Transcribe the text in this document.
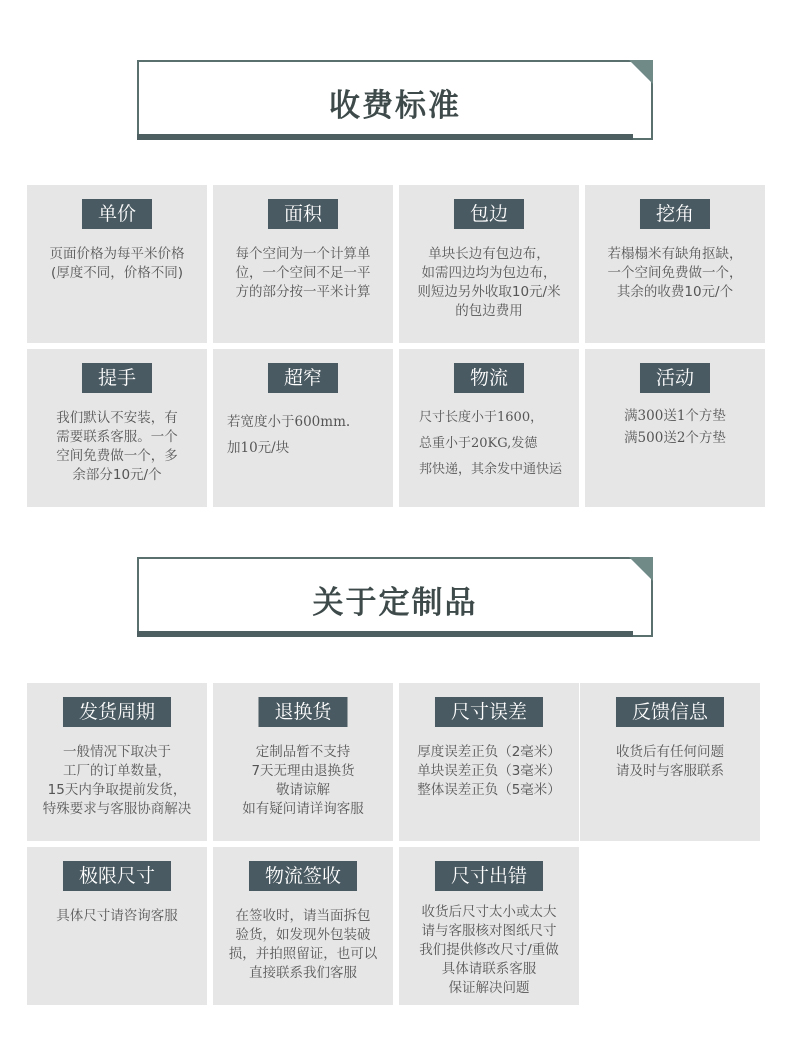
收费标准
单价
页面价格为每平米价格
(厚度不同，价格不同)
面积
每个空间为一个计算单
位，一个空间不足一平
方的部分按一平米计算
包边
单块长边有包边布，
如需四边均为包边布，
则短边另外收取10元/米
的包边费用
挖角
若榻榻米有缺角抠缺，
一个空间免费做一个，
其余的收费10元/个
提手
我们默认不安装，有
需要联系客服。一个
空间免费做一个，多
余部分10元/个
超窄
若宽度小于600mm.
加10元/块
物流
尺寸长度小于1600，
总重小于20KG,发德
邦快递，其余发中通快运
活动
满300送1个方垫
满500送2个方垫
关于定制品
发货周期
一般情况下取决于
工厂的订单数量，
15天内争取提前发货，
特殊要求与客服协商解决
退换货
定制品暂不支持
7天无理由退换货
敬请谅解
如有疑问请详询客服
尺寸误差
厚度误差正负（2毫米）
单块误差正负（3毫米）
整体误差正负（5毫米）
反馈信息
收货后有任何问题
请及时与客服联系
极限尺寸
具体尺寸请咨询客服
物流签收
在签收时，请当面拆包
验货，如发现外包装破
损，并拍照留证，也可以
直接联系我们客服
尺寸出错
收货后尺寸太小或太大
请与客服核对图纸尺寸
我们提供修改尺寸/重做
具体请联系客服
保证解决问题
